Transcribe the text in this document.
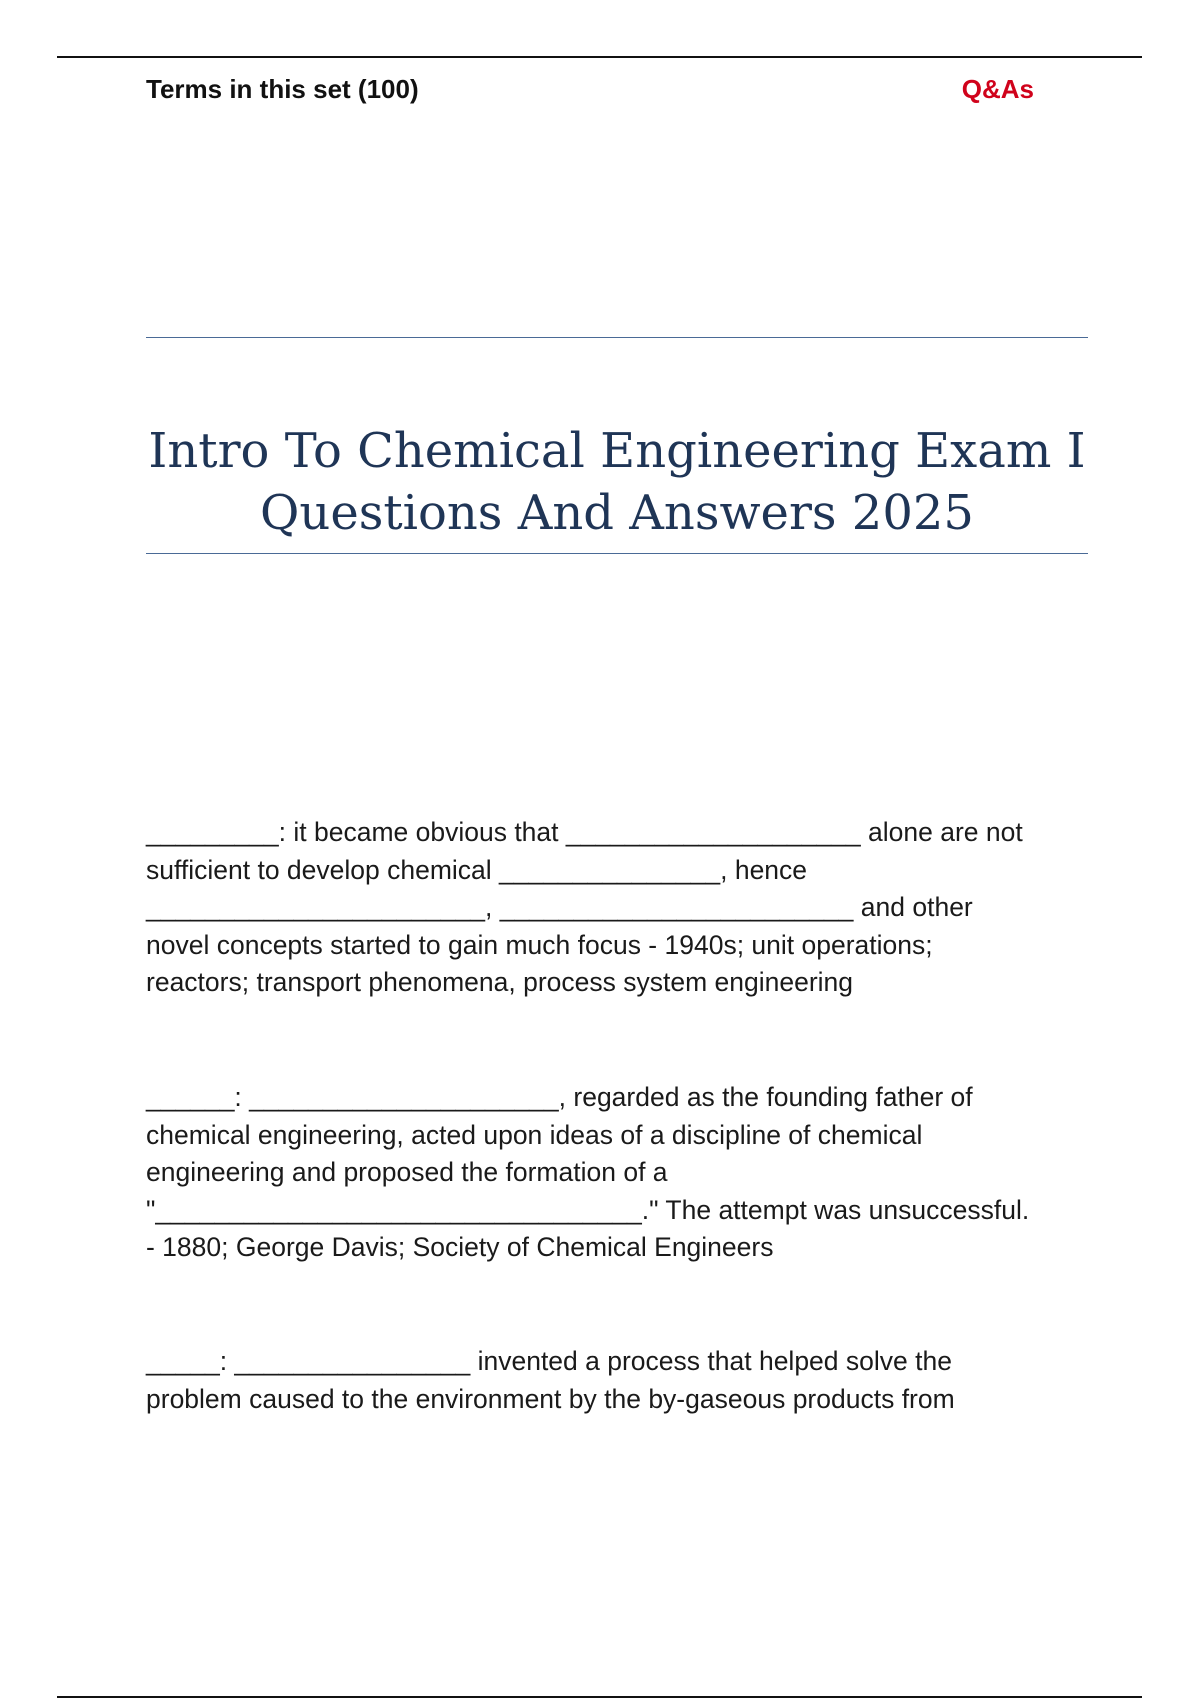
Terms in this set (100)	Q&As
Intro To Chemical Engineering Exam I
Questions And Answers 2025
_________: it became obvious that ____________________ alone are not
sufficient to develop chemical _______________, hence
_______________________, ________________________ and other
novel concepts started to gain much focus - 1940s; unit operations;
reactors; transport phenomena, process system engineering
______: _____________________, regarded as the founding father of
chemical engineering, acted upon ideas of a discipline of chemical
engineering and proposed the formation of a
"_________________________________." The attempt was unsuccessful.
- 1880; George Davis; Society of Chemical Engineers
_____: ________________ invented a process that helped solve the
problem caused to the environment by the by-gaseous products from
